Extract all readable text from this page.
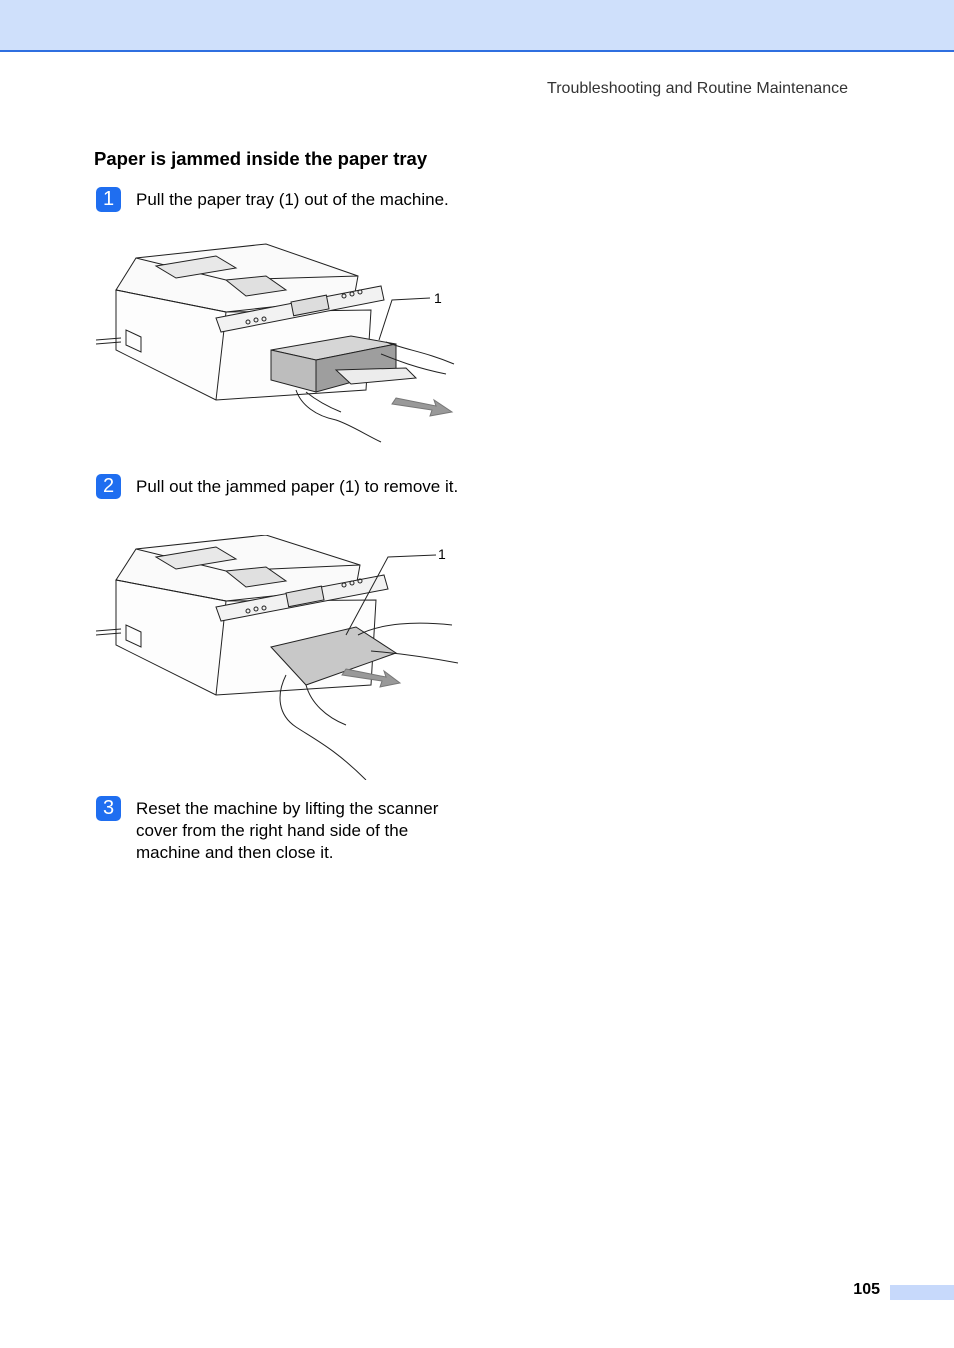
Troubleshooting and Routine Maintenance
Paper is jammed inside the paper tray
1	Pull the paper tray (1) out of the machine.
1
2	Pull out the jammed paper (1) to remove it.
1
3	Reset the machine by lifting the scanner cover from the right hand side of the machine and then close it.
105
